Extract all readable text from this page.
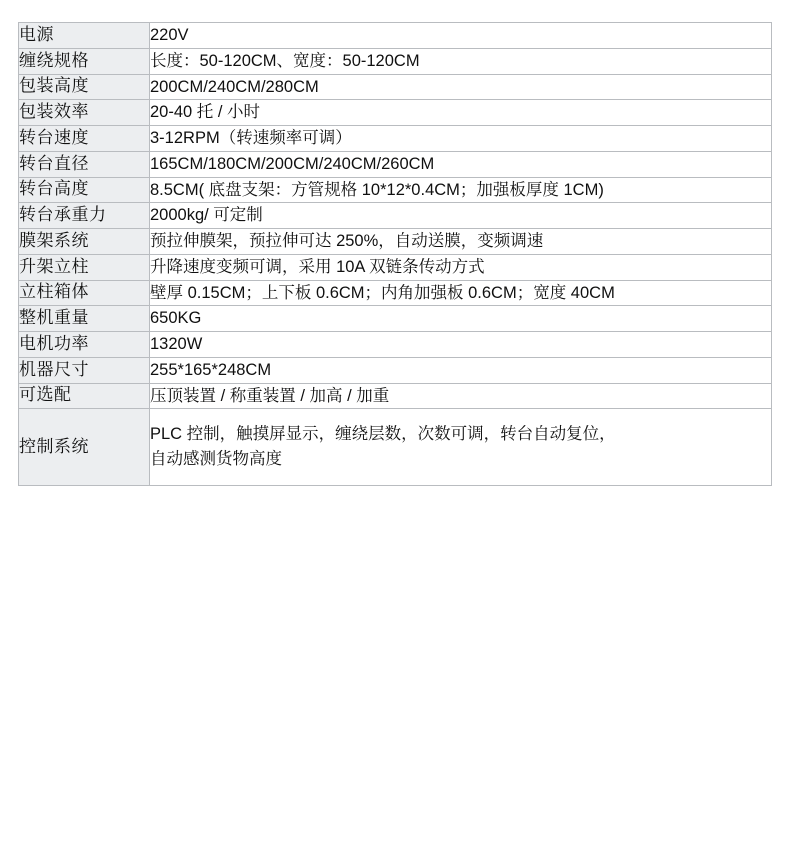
电源	220V
缠绕规格	长度：50-120CM、宽度：50-120CM
包装高度	200CM/240CM/280CM
包装效率	20-40 托 / 小时
转台速度	3-12RPM（转速频率可调）
转台直径	165CM/180CM/200CM/240CM/260CM
转台高度	8.5CM( 底盘支架：方管规格 10*12*0.4CM；加强板厚度 1CM)
转台承重力	2000kg/ 可定制
膜架系统	预拉伸膜架，预拉伸可达 250%，自动送膜，变频调速
升架立柱	升降速度变频可调，采用 10A 双链条传动方式
立柱箱体	壁厚 0.15CM；上下板 0.6CM；内角加强板 0.6CM；宽度 40CM
整机重量	650KG
电机功率	1320W
机器尺寸	255*165*248CM
可选配	压顶装置 / 称重装置 / 加高 / 加重
控制系统	PLC 控制，触摸屏显示，缠绕层数，次数可调，转台自动复位，
自动感测货物高度
